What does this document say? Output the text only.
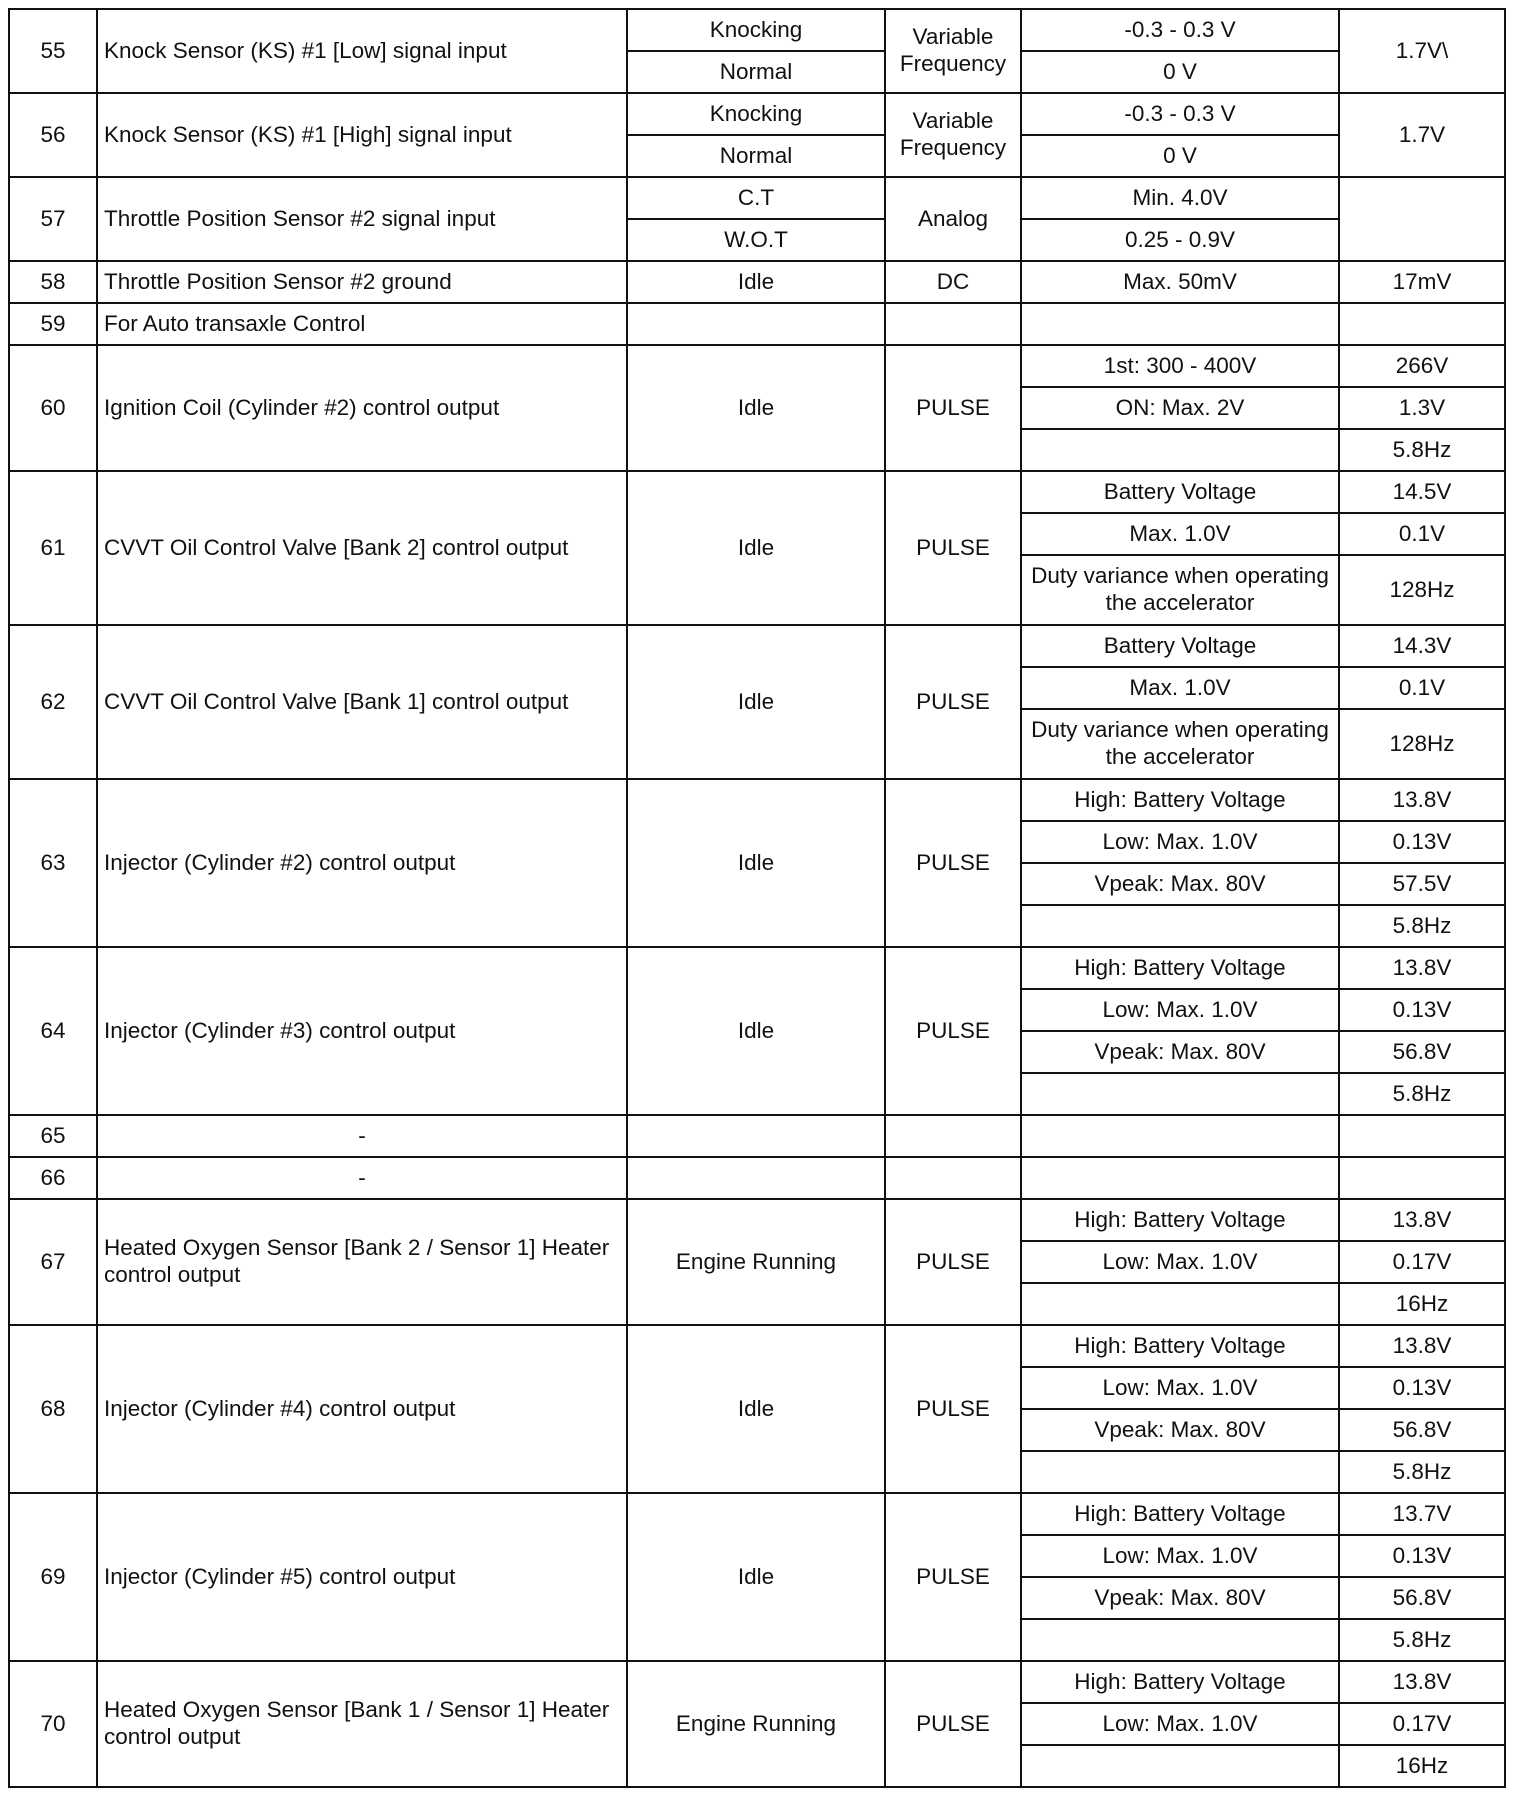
55	Knock Sensor (KS) #1 [Low] signal input	Knocking	Variable Frequency	-0.3 - 0.3 V	1.7V\
		Normal		0 V	
56	Knock Sensor (KS) #1 [High] signal input	Knocking	Variable Frequency	-0.3 - 0.3 V	1.7V
		Normal		0 V	
57	Throttle Position Sensor #2 signal input	C.T	Analog	Min. 4.0V	
		W.O.T		0.25 - 0.9V	
58	Throttle Position Sensor #2 ground	Idle	DC	Max. 50mV	17mV
59	For Auto transaxle Control				
60	Ignition Coil (Cylinder #2) control output	Idle	PULSE	1st: 300 - 400V	266V
				ON: Max. 2V	1.3V
					5.8Hz
61	CVVT Oil Control Valve [Bank 2] control output	Idle	PULSE	Battery Voltage	14.5V
				Max. 1.0V	0.1V
				Duty variance when operating the accelerator	128Hz
62	CVVT Oil Control Valve [Bank 1] control output	Idle	PULSE	Battery Voltage	14.3V
				Max. 1.0V	0.1V
				Duty variance when operating the accelerator	128Hz
63	Injector (Cylinder #2) control output	Idle	PULSE	High: Battery Voltage	13.8V
				Low: Max. 1.0V	0.13V
				Vpeak: Max. 80V	57.5V
					5.8Hz
64	Injector (Cylinder #3) control output	Idle	PULSE	High: Battery Voltage	13.8V
				Low: Max. 1.0V	0.13V
				Vpeak: Max. 80V	56.8V
					5.8Hz
65	-				
66	-				
67	Heated Oxygen Sensor [Bank 2 / Sensor 1] Heater control output	Engine Running	PULSE	High: Battery Voltage	13.8V
				Low: Max. 1.0V	0.17V
					16Hz
68	Injector (Cylinder #4) control output	Idle	PULSE	High: Battery Voltage	13.8V
				Low: Max. 1.0V	0.13V
				Vpeak: Max. 80V	56.8V
					5.8Hz
69	Injector (Cylinder #5) control output	Idle	PULSE	High: Battery Voltage	13.7V
				Low: Max. 1.0V	0.13V
				Vpeak: Max. 80V	56.8V
					5.8Hz
70	Heated Oxygen Sensor [Bank 1 / Sensor 1] Heater control output	Engine Running	PULSE	High: Battery Voltage	13.8V
				Low: Max. 1.0V	0.17V
					16Hz
